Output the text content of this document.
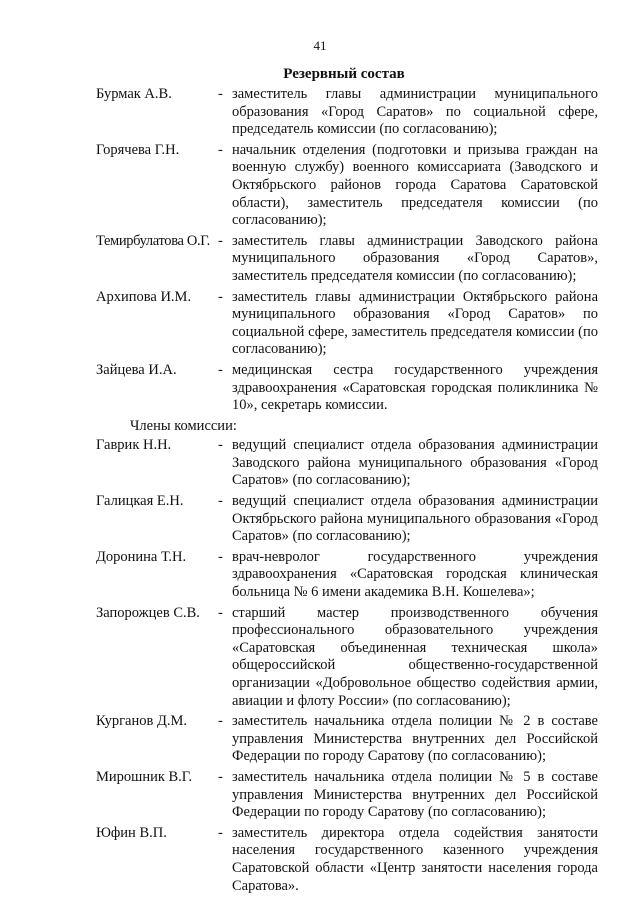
41
Резервный состав
Бурмак А.В.	- заместитель главы администрации муниципального образования «Город Саратов» по социальной сфере, председатель комиссии (по согласованию);
Горячева Г.Н.	- начальник отделения (подготовки и призыва граждан на военную службу) военного комиссариата (Заводского и Октябрьского районов города Саратова Саратовской области), заместитель председателя комиссии (по согласованию);
Темирбулатова О.Г. - заместитель главы администрации Заводского района муниципального образования «Город Саратов», заместитель председателя комиссии (по согласованию);
Архипова И.М.	- заместитель главы администрации Октябрьского района муниципального образования «Город Саратов» по социальной сфере, заместитель председателя комиссии (по согласованию);
Зайцева И.А.	- медицинская сестра государственного учреждения здравоохранения «Саратовская городская поликлиника № 10», секретарь комиссии.
Члены комиссии:
Гаврик Н.Н.	- ведущий специалист отдела образования администрации Заводского района муниципального образования «Город Саратов» (по согласованию);
Галицкая Е.Н.	- ведущий специалист отдела образования администрации Октябрьского района муниципального образования «Город Саратов» (по согласованию);
Доронина Т.Н.	- врач-невролог государственного учреждения здравоохранения «Саратовская городская клиническая больница № 6 имени академика В.Н. Кошелева»;
Запорожцев С.В.	- старший мастер производственного обучения профессионального образовательного учреждения «Саратовская объединенная техническая школа» общероссийской общественно-государственной организации «Добровольное общество содействия армии, авиации и флоту России» (по согласованию);
Курганов Д.М.	- заместитель начальника отдела полиции № 2 в составе управления Министерства внутренних дел Российской Федерации по городу Саратову (по согласованию);
Мирошник В.Г.	- заместитель начальника отдела полиции № 5 в составе управления Министерства внутренних дел Российской Федерации по городу Саратову (по согласованию);
Юфин В.П.	- заместитель директора отдела содействия занятости населения государственного казенного учреждения Саратовской области «Центр занятости населения города Саратова».
